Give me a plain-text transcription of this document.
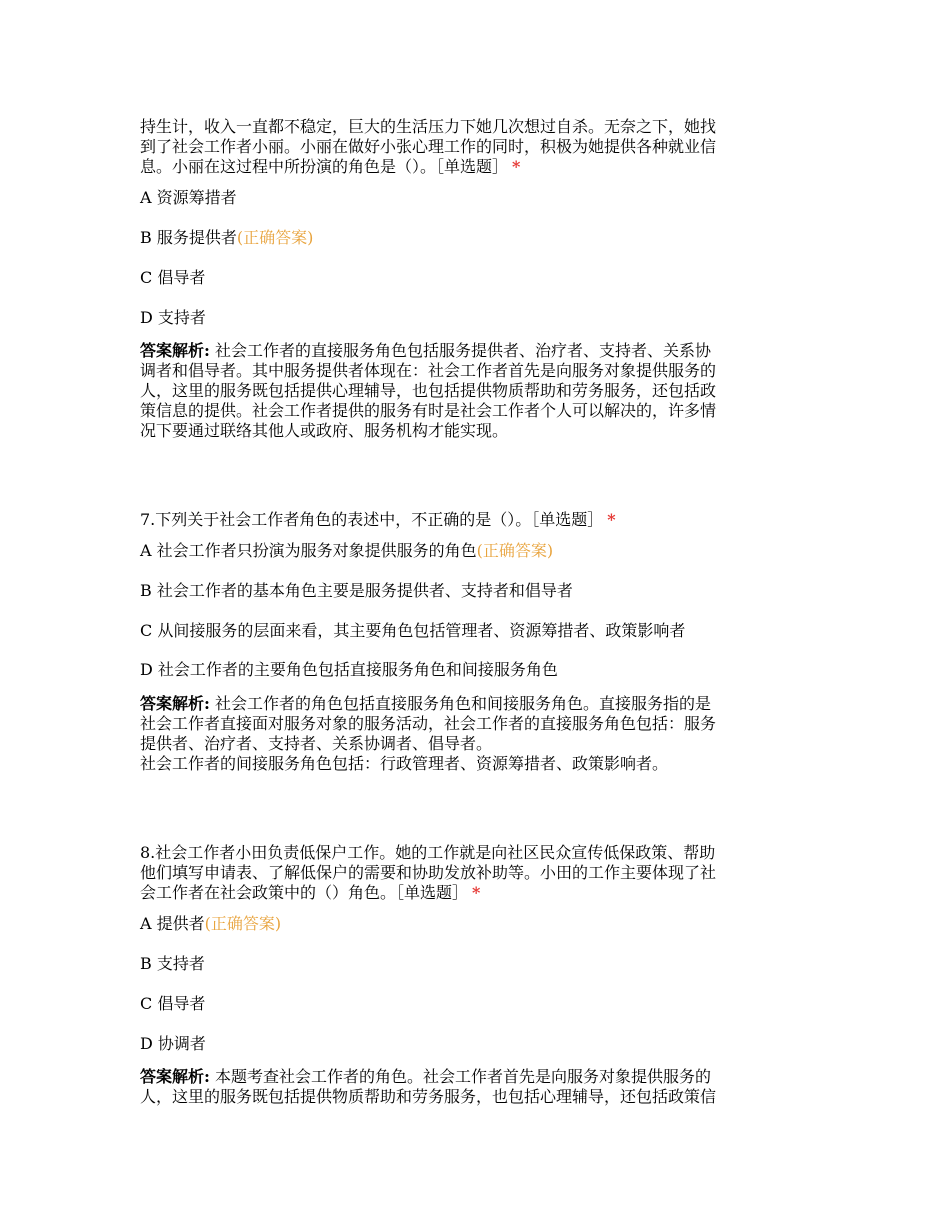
持生计，收入一直都不稳定，巨大的生活压力下她几次想过自杀。无奈之下，她找
到了社会工作者小丽。小丽在做好小张心理工作的同时，积极为她提供各种就业信
息。小丽在这过程中所扮演的角色是（）。［单选题］ *
A 资源筹措者
B 服务提供者(正确答案)
C 倡导者
D 支持者
答案解析: 社会工作者的直接服务角色包括服务提供者、治疗者、支持者、关系协
调者和倡导者。其中服务提供者体现在：社会工作者首先是向服务对象提供服务的
人，这里的服务既包括提供心理辅导，也包括提供物质帮助和劳务服务，还包括政
策信息的提供。社会工作者提供的服务有时是社会工作者个人可以解决的，许多情
况下要通过联络其他人或政府、服务机构才能实现。
7.下列关于社会工作者角色的表述中，不正确的是（）。［单选题］ *
A 社会工作者只扮演为服务对象提供服务的角色(正确答案)
B 社会工作者的基本角色主要是服务提供者、支持者和倡导者
C 从间接服务的层面来看，其主要角色包括管理者、资源筹措者、政策影响者
D 社会工作者的主要角色包括直接服务角色和间接服务角色
答案解析: 社会工作者的角色包括直接服务角色和间接服务角色。直接服务指的是
社会工作者直接面对服务对象的服务活动，社会工作者的直接服务角色包括：服务
提供者、治疗者、支持者、关系协调者、倡导者。
社会工作者的间接服务角色包括：行政管理者、资源筹措者、政策影响者。
8.社会工作者小田负责低保户工作。她的工作就是向社区民众宣传低保政策、帮助
他们填写申请表、了解低保户的需要和协助发放补助等。小田的工作主要体现了社
会工作者在社会政策中的（）角色。［单选题］ *
A 提供者(正确答案)
B 支持者
C 倡导者
D 协调者
答案解析: 本题考查社会工作者的角色。社会工作者首先是向服务对象提供服务的
人，这里的服务既包括提供物质帮助和劳务服务，也包括心理辅导，还包括政策信
